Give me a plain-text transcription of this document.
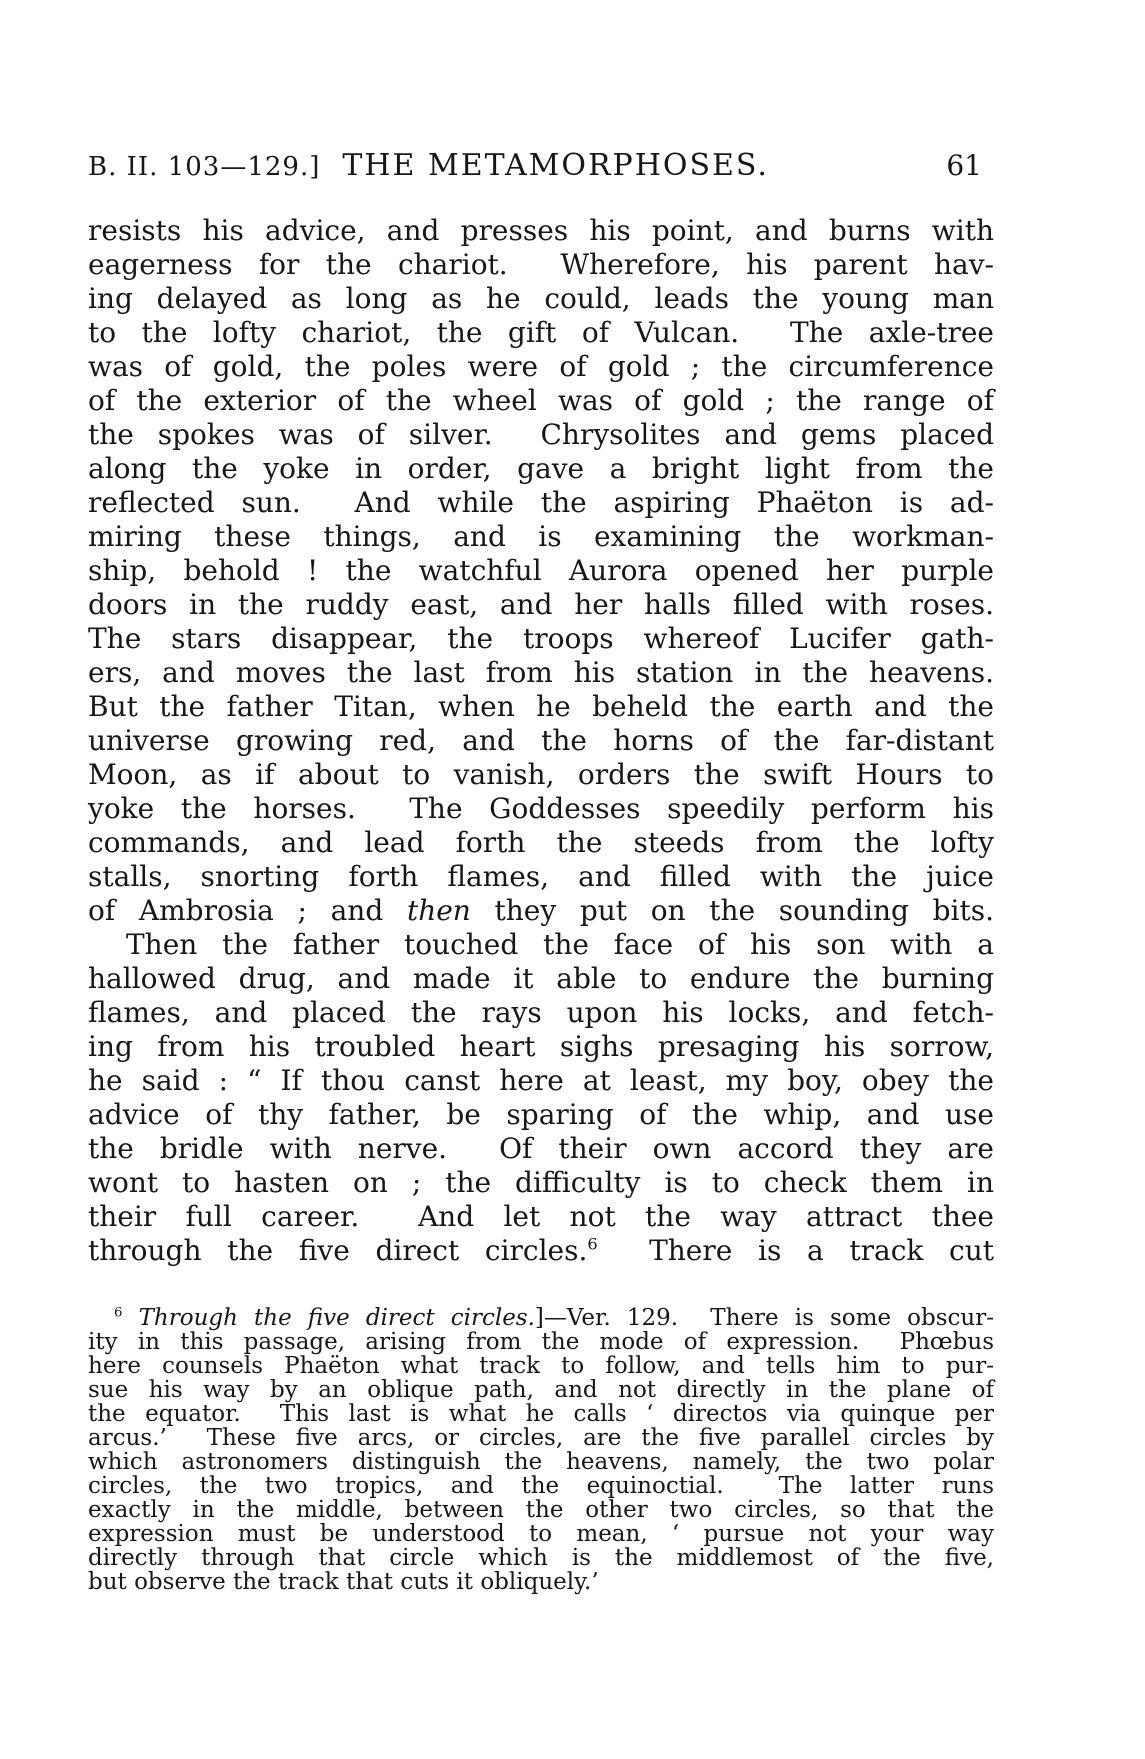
B. II. 103—129.] THE METAMORPHOSES.	61
resists his advice, and presses his point, and burns with
eagerness for the chariot.  Wherefore, his parent hav-
ing delayed as long as he could, leads the young man
to the lofty chariot, the gift of Vulcan.  The axle-tree
was of gold, the poles were of gold ; the circumference
of the exterior of the wheel was of gold ; the range of
the spokes was of silver.  Chrysolites and gems placed
along the yoke in order, gave a bright light from the
reflected sun.  And while the aspiring Phaëton is ad-
miring these things, and is examining the workman-
ship, behold ! the watchful Aurora opened her purple
doors in the ruddy east, and her halls filled with roses.
The stars disappear, the troops whereof Lucifer gath-
ers, and moves the last from his station in the heavens.
But the father Titan, when he beheld the earth and the
universe growing red, and the horns of the far-distant
Moon, as if about to vanish, orders the swift Hours to
yoke the horses.  The Goddesses speedily perform his
commands, and lead forth the steeds from the lofty
stalls, snorting forth flames, and filled with the juice
of Ambrosia ; and then they put on the sounding bits.
Then the father touched the face of his son with a
hallowed drug, and made it able to endure the burning
flames, and placed the rays upon his locks, and fetch-
ing from his troubled heart sighs presaging his sorrow,
he said : “ If thou canst here at least, my boy, obey the
advice of thy father, be sparing of the whip, and use
the bridle with nerve.  Of their own accord they are
wont to hasten on ; the difficulty is to check them in
their full career.  And let not the way attract thee
through the five direct circles.$^6$  There is a track cut
$^6$ Through the five direct circles.]—Ver. 129.  There is some obscur-
ity in this passage, arising from the mode of expression.  Phœbus
here counsels Phaëton what track to follow, and tells him to pur-
sue his way by an oblique path, and not directly in the plane of
the equator.  This last is what he calls ‘ directos via quinque per
arcus.’  These five arcs, or circles, are the five parallel circles by
which astronomers distinguish the heavens, namely, the two polar
circles, the two tropics, and the equinoctial.  The latter runs
exactly in the middle, between the other two circles, so that the
expression must be understood to mean, ‘ pursue not your way
directly through that circle which is the middlemost of the five,
but observe the track that cuts it obliquely.’
